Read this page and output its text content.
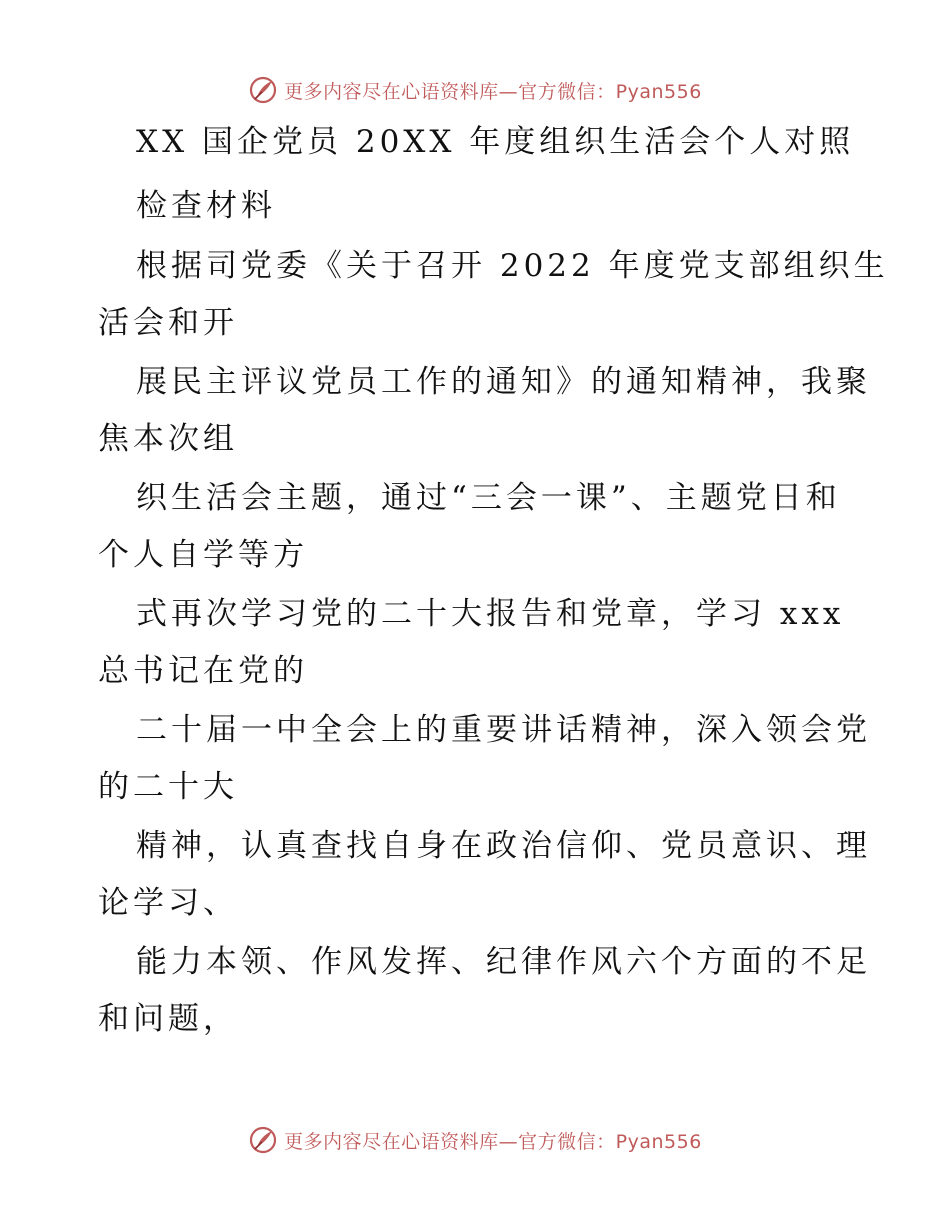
更多内容尽在心语资料库—官方微信：Pyan556
XX 国企党员 20XX 年度组织生活会个人对照
检查材料
根据司党委《关于召开 2022 年度党支部组织生
活会和开
展民主评议党员工作的通知》的通知精神，我聚
焦本次组
织生活会主题，通过“三会一课”、主题党日和
个人自学等方
式再次学习党的二十大报告和党章，学习 xxx
总书记在党的
二十届一中全会上的重要讲话精神，深入领会党
的二十大
精神，认真查找自身在政治信仰、党员意识、理
论学习、
能力本领、作风发挥、纪律作风六个方面的不足
和问题，
更多内容尽在心语资料库—官方微信：Pyan556
